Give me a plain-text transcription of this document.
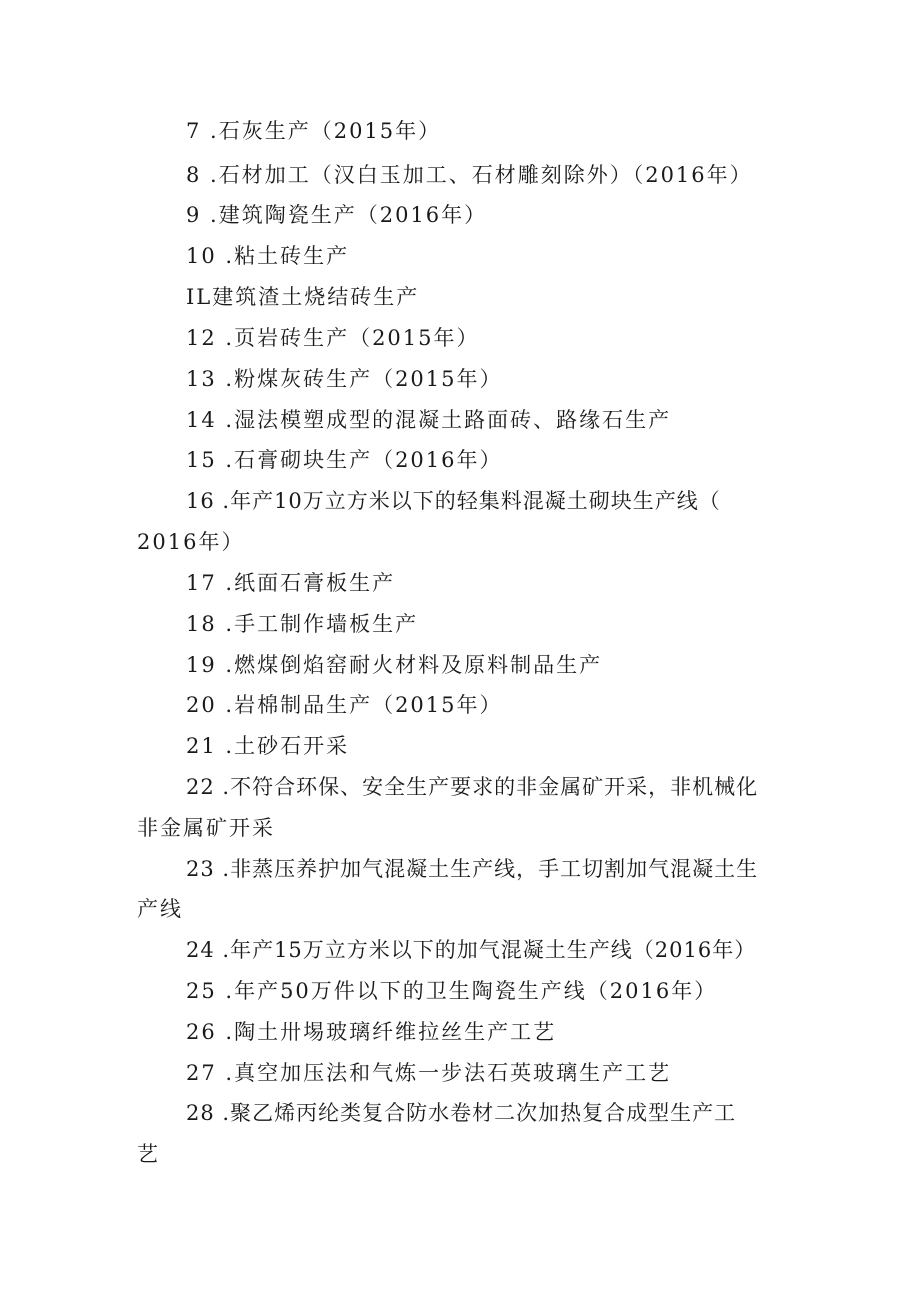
7 .石灰生产（2015年）
8 .石材加工（汉白玉加工、石材雕刻除外）（2016年）
9 .建筑陶瓷生产（2016年）
10 .粘土砖生产
IL建筑渣土烧结砖生产
12 .页岩砖生产（2015年）
13 .粉煤灰砖生产（2015年）
14 .湿法模塑成型的混凝土路面砖、路缘石生产
15 .石膏砌块生产（2016年）
16 .年产10万立方米以下的轻集料混凝土砌块生产线（
2016年）
17 .纸面石膏板生产
18 .手工制作墙板生产
19 .燃煤倒焰窑耐火材料及原料制品生产
20 .岩棉制品生产（2015年）
21 .土砂石开采
22 .不符合环保、安全生产要求的非金属矿开采，非机械化
非金属矿开采
23 .非蒸压养护加气混凝土生产线，手工切割加气混凝土生
产线
24 .年产15万立方米以下的加气混凝土生产线（2016年）
25 .年产50万件以下的卫生陶瓷生产线（2016年）
26 .陶土卅埸玻璃纤维拉丝生产工艺
27 .真空加压法和气炼一步法石英玻璃生产工艺
28 .聚乙烯丙纶类复合防水卷材二次加热复合成型生产工
艺
